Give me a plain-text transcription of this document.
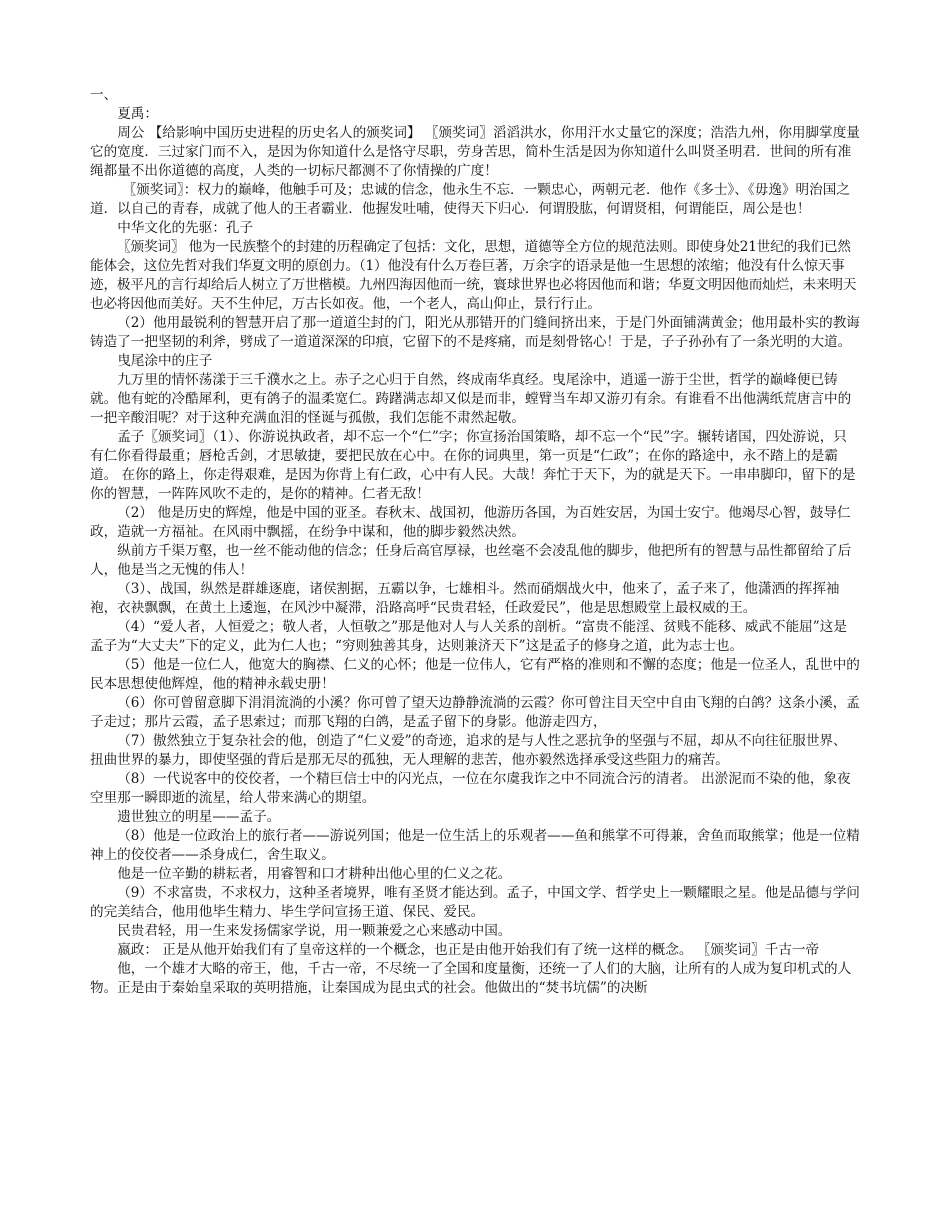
一、

夏禹：

周公 【给影响中国历史进程的历史名人的颁奖词】 〖颁奖词〗滔滔洪水，你用汗水丈量它的深度；浩浩九州，你用脚掌度量它的宽度．三过家门而不入，是因为你知道什么是恪守尽职，劳身苦思，简朴生活是因为你知道什么叫贤圣明君．世间的所有准绳都量不出你道德的高度，人类的一切标尺都测不了你情操的广度！

〖颁奖词〗：权力的巅峰，他触手可及；忠诚的信念，他永生不忘．一颗忠心，两朝元老．他作《多士》、《毋逸》明治国之道．以自己的青春，成就了他人的王者霸业．他握发吐哺，使得天下归心．何谓股肱，何谓贤相，何谓能臣，周公是也！

中华文化的先驱：孔子

〖颁奖词〗 他为一民族整个的封建的历程确定了包括：文化，思想，道德等全方位的规范法则。即使身处21世纪的我们已然能体会，这位先哲对我们华夏文明的原创力。（1）他没有什么万卷巨著，万余字的语录是他一生思想的浓缩；他没有什么惊天事迹，极平凡的言行却给后人树立了万世楷模。九州四海因他而一统，寰球世界也必将因他而和谐；华夏文明因他而灿烂，未来明天也必将因他而美好。天不生仲尼，万古长如夜。他，一个老人，高山仰止，景行行止。

（2）他用最锐利的智慧开启了那一道道尘封的门，阳光从那错开的门缝间挤出来，于是门外面铺满黄金；他用最朴实的教诲铸造了一把坚韧的利斧，劈成了一道道深深的印痕，它留下的不是疼痛，而是刻骨铭心！于是，子子孙孙有了一条光明的大道。

曳尾涂中的庄子

九万里的情怀荡漾于三千濮水之上。赤子之心归于自然，终成南华真经。曳尾涂中，逍遥一游于尘世，哲学的巅峰便已铸就。他有蛇的冷酷犀利，更有鸽子的温柔宽仁。踌躇满志却又似是而非，螳臂当车却又游刃有余。有谁看不出他满纸荒唐言中的一把辛酸泪呢？对于这种充满血泪的怪诞与孤傲，我们怎能不肃然起敬。

孟子〖颁奖词〗（1）、你游说执政者，却不忘一个“仁”字；你宣扬治国策略，却不忘一个“民”字。辗转诸国，四处游说，只有仁你看得最重；唇枪舌剑，才思敏捷，要把民放在心中。在你的词典里，第一页是“仁政”；在你的路途中，永不踏上的是霸道。 在你的路上，你走得艰难，是因为你背上有仁政，心中有人民。大哉！奔忙于天下，为的就是天下。一串串脚印，留下的是你的智慧，一阵阵风吹不走的，是你的精神。仁者无敌！

（2） 他是历史的辉煌，他是中国的亚圣。春秋末、战国初，他游历各国，为百姓安居，为国士安宁。他竭尽心智，鼓导仁政，造就一方福祉。在风雨中飘摇，在纷争中谋和，他的脚步毅然决然。

纵前方千渠万壑，也一丝不能动他的信念；任身后高官厚禄，也丝毫不会凌乱他的脚步，他把所有的智慧与品性都留给了后人，他是当之无愧的伟人！

（3）、战国，纵然是群雄逐鹿，诸侯割据，五霸以争，七雄相斗。然而硝烟战火中，他来了，孟子来了，他潇洒的挥挥袖袍，衣袂飘飘，在黄土上逶迤，在风沙中凝滞，沿路高呼“民贵君轻，任政爱民”，他是思想殿堂上最权威的王。

（4）“爱人者，人恒爱之；敬人者，人恒敬之”那是他对人与人关系的剖析。“富贵不能淫、贫贱不能移、威武不能屈”这是孟子为“大丈夫”下的定义，此为仁人也；“穷则独善其身，达则兼济天下”这是孟子的修身之道，此为志士也。

（5）他是一位仁人，他宽大的胸襟、仁义的心怀；他是一位伟人，它有严格的准则和不懈的态度；他是一位圣人，乱世中的民本思想使他辉煌，他的精神永载史册！

（6）你可曾留意脚下涓涓流淌的小溪？你可曾了望天边静静流淌的云霞？你可曾注目天空中自由飞翔的白鸽？这条小溪，孟子走过；那片云霞，孟子思索过；而那飞翔的白鸽，是孟子留下的身影。他游走四方，

（7）傲然独立于复杂社会的他，创造了“仁义爱”的奇迹，追求的是与人性之恶抗争的坚强与不屈，却从不向往征服世界、扭曲世界的暴力，即使坚强的背后是那无尽的孤独，无人理解的悲苦，他亦毅然选择承受这些阻力的痛苦。

（8）一代说客中的佼佼者，一个精巨信士中的闪光点，一位在尔虞我诈之中不同流合污的清者。 出淤泥而不染的他，象夜空里那一瞬即逝的流星，给人带来满心的期望。

遗世独立的明星——孟子。

（8）他是一位政治上的旅行者——游说列国；他是一位生活上的乐观者——鱼和熊掌不可得兼，舍鱼而取熊掌；他是一位精神上的佼佼者——杀身成仁，舍生取义。

他是一位辛勤的耕耘者，用睿智和口才耕种出他心里的仁义之花。

（9）不求富贵，不求权力，这种圣者境界，唯有圣贤才能达到。孟子，中国文学、哲学史上一颗耀眼之星。他是品德与学问的完美结合，他用他毕生精力、毕生学问宣扬王道、保民、爱民。

民贵君轻，用一生来发扬儒家学说，用一颗兼爱之心来感动中国。

嬴政： 正是从他开始我们有了皇帝这样的一个概念，也正是由他开始我们有了统一这样的概念。 〖颁奖词〗千古一帝

他，一个雄才大略的帝王，他，千古一帝，不尽统一了全国和度量衡，还统一了人们的大脑，让所有的人成为复印机式的人物。正是由于秦始皇采取的英明措施，让秦国成为昆虫式的社会。他做出的“焚书坑儒”的决断
